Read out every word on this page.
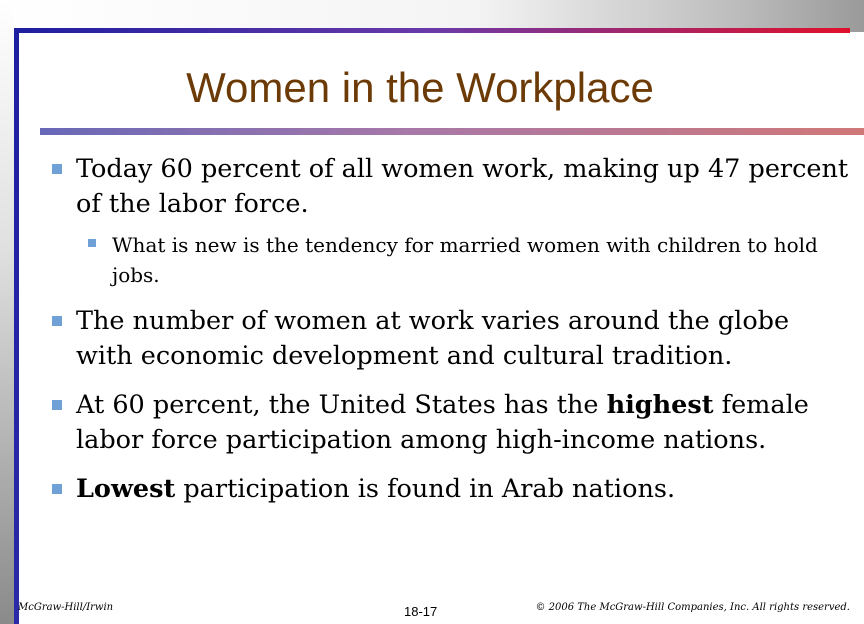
Women in the Workplace
Today 60 percent of all women work, making up 47 percent of the labor force.
What is new is the tendency for married women with children to hold jobs.
The number of women at work varies around the globe with economic development and cultural tradition.
At 60 percent, the United States has the highest female labor force participation among high-income nations.
Lowest participation is found in Arab nations.
McGraw-Hill/Irwin	18-17	© 2006 The McGraw-Hill Companies, Inc. All rights reserved.
